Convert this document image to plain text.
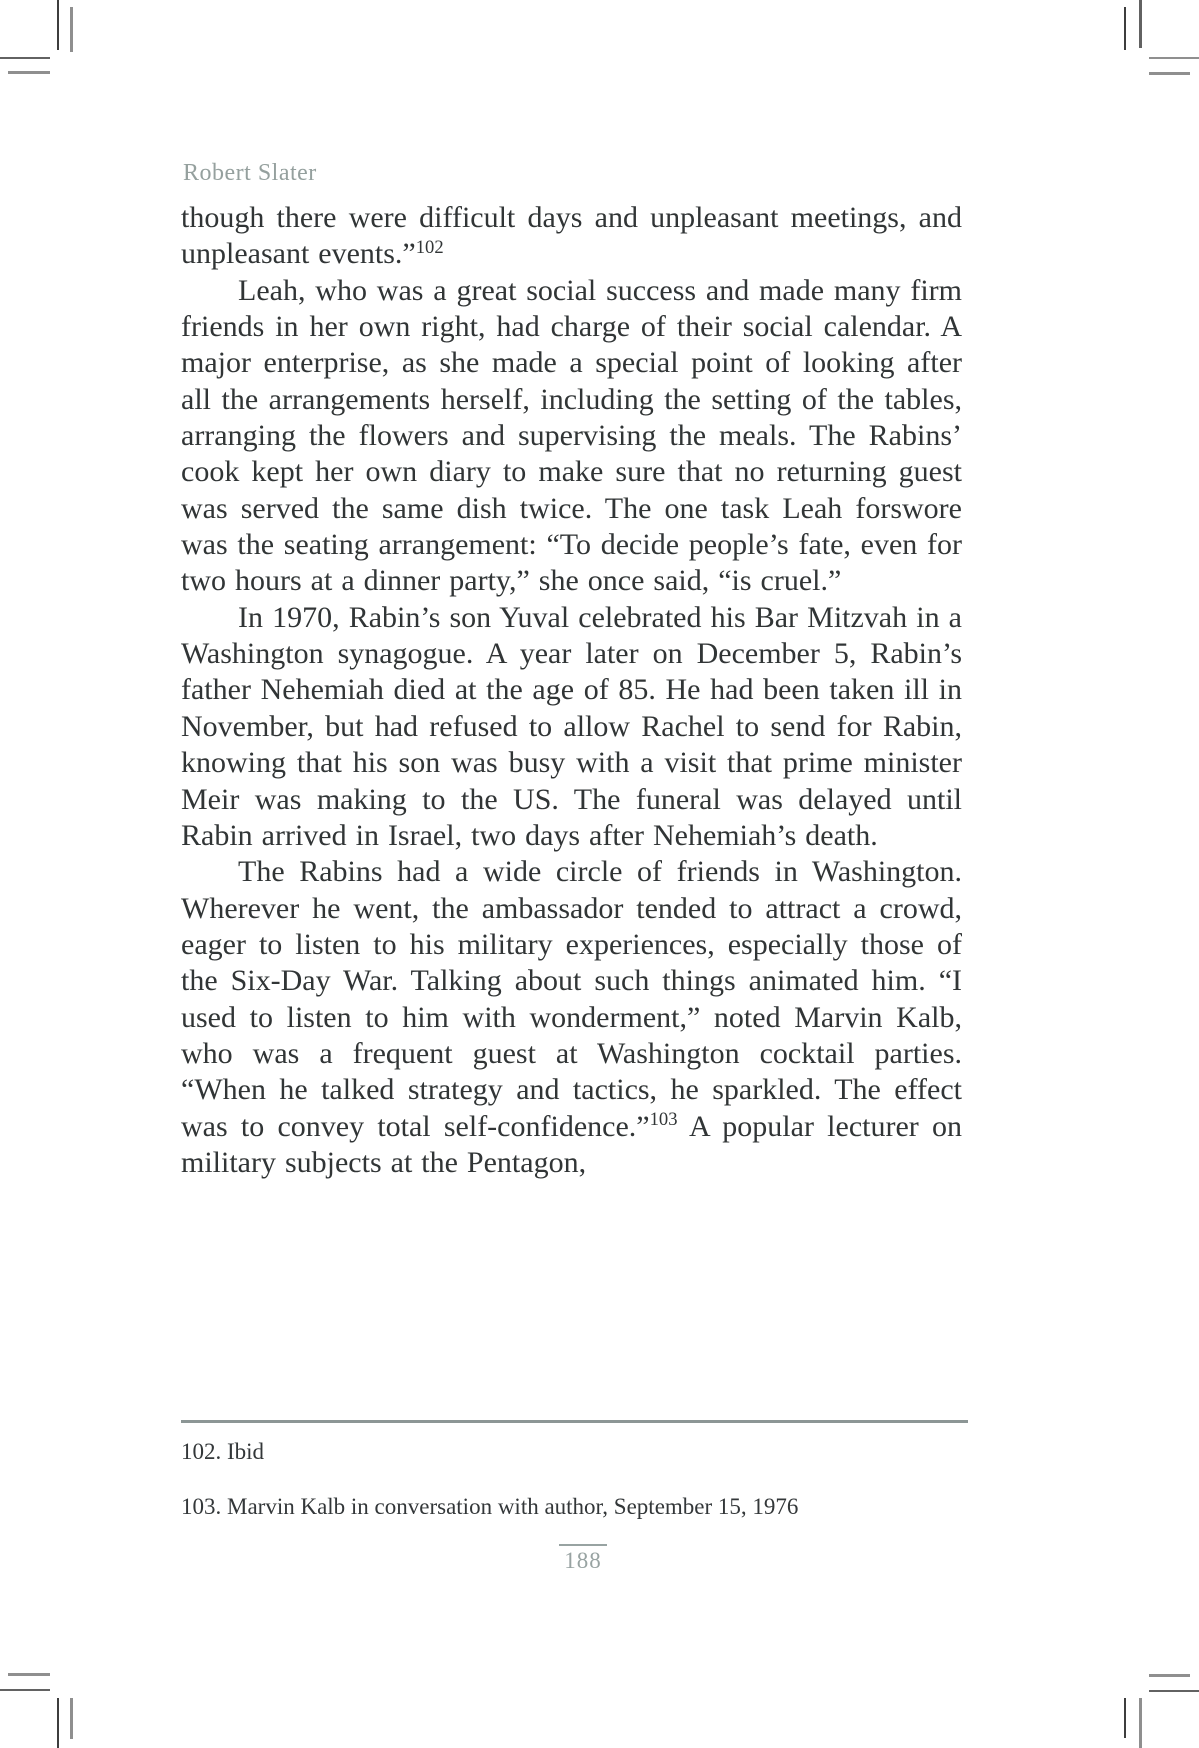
Robert Slater

though there were difficult days and unpleasant meetings, and unpleasant events.”$^{102}$

Leah, who was a great social success and made many firm friends in her own right, had charge of their social calendar. A major enterprise, as she made a special point of looking after all the arrangements herself, including the setting of the tables, arranging the flowers and supervising the meals. The Rabins’ cook kept her own diary to make sure that no returning guest was served the same dish twice. The one task Leah forswore was the seating arrangement: “To decide people’s fate, even for two hours at a dinner party,” she once said, “is cruel.”

In 1970, Rabin’s son Yuval celebrated his Bar Mitzvah in a Washington synagogue. A year later on December 5, Rabin’s father Nehemiah died at the age of 85. He had been taken ill in November, but had refused to allow Rachel to send for Rabin, knowing that his son was busy with a visit that prime minister Meir was making to the US. The funeral was delayed until Rabin arrived in Israel, two days after Nehemiah’s death.

The Rabins had a wide circle of friends in Washington. Wherever he went, the ambassador tended to attract a crowd, eager to listen to his military experiences, especially those of the Six-Day War. Talking about such things animated him. “I used to listen to him with wonderment,” noted Marvin Kalb, who was a frequent guest at Washington cocktail parties. “When he talked strategy and tactics, he sparkled. The effect was to convey total self-confidence.”$^{103}$ A popular lecturer on military subjects at the Pentagon,

102. Ibid
103. Marvin Kalb in conversation with author, September 15, 1976
188
